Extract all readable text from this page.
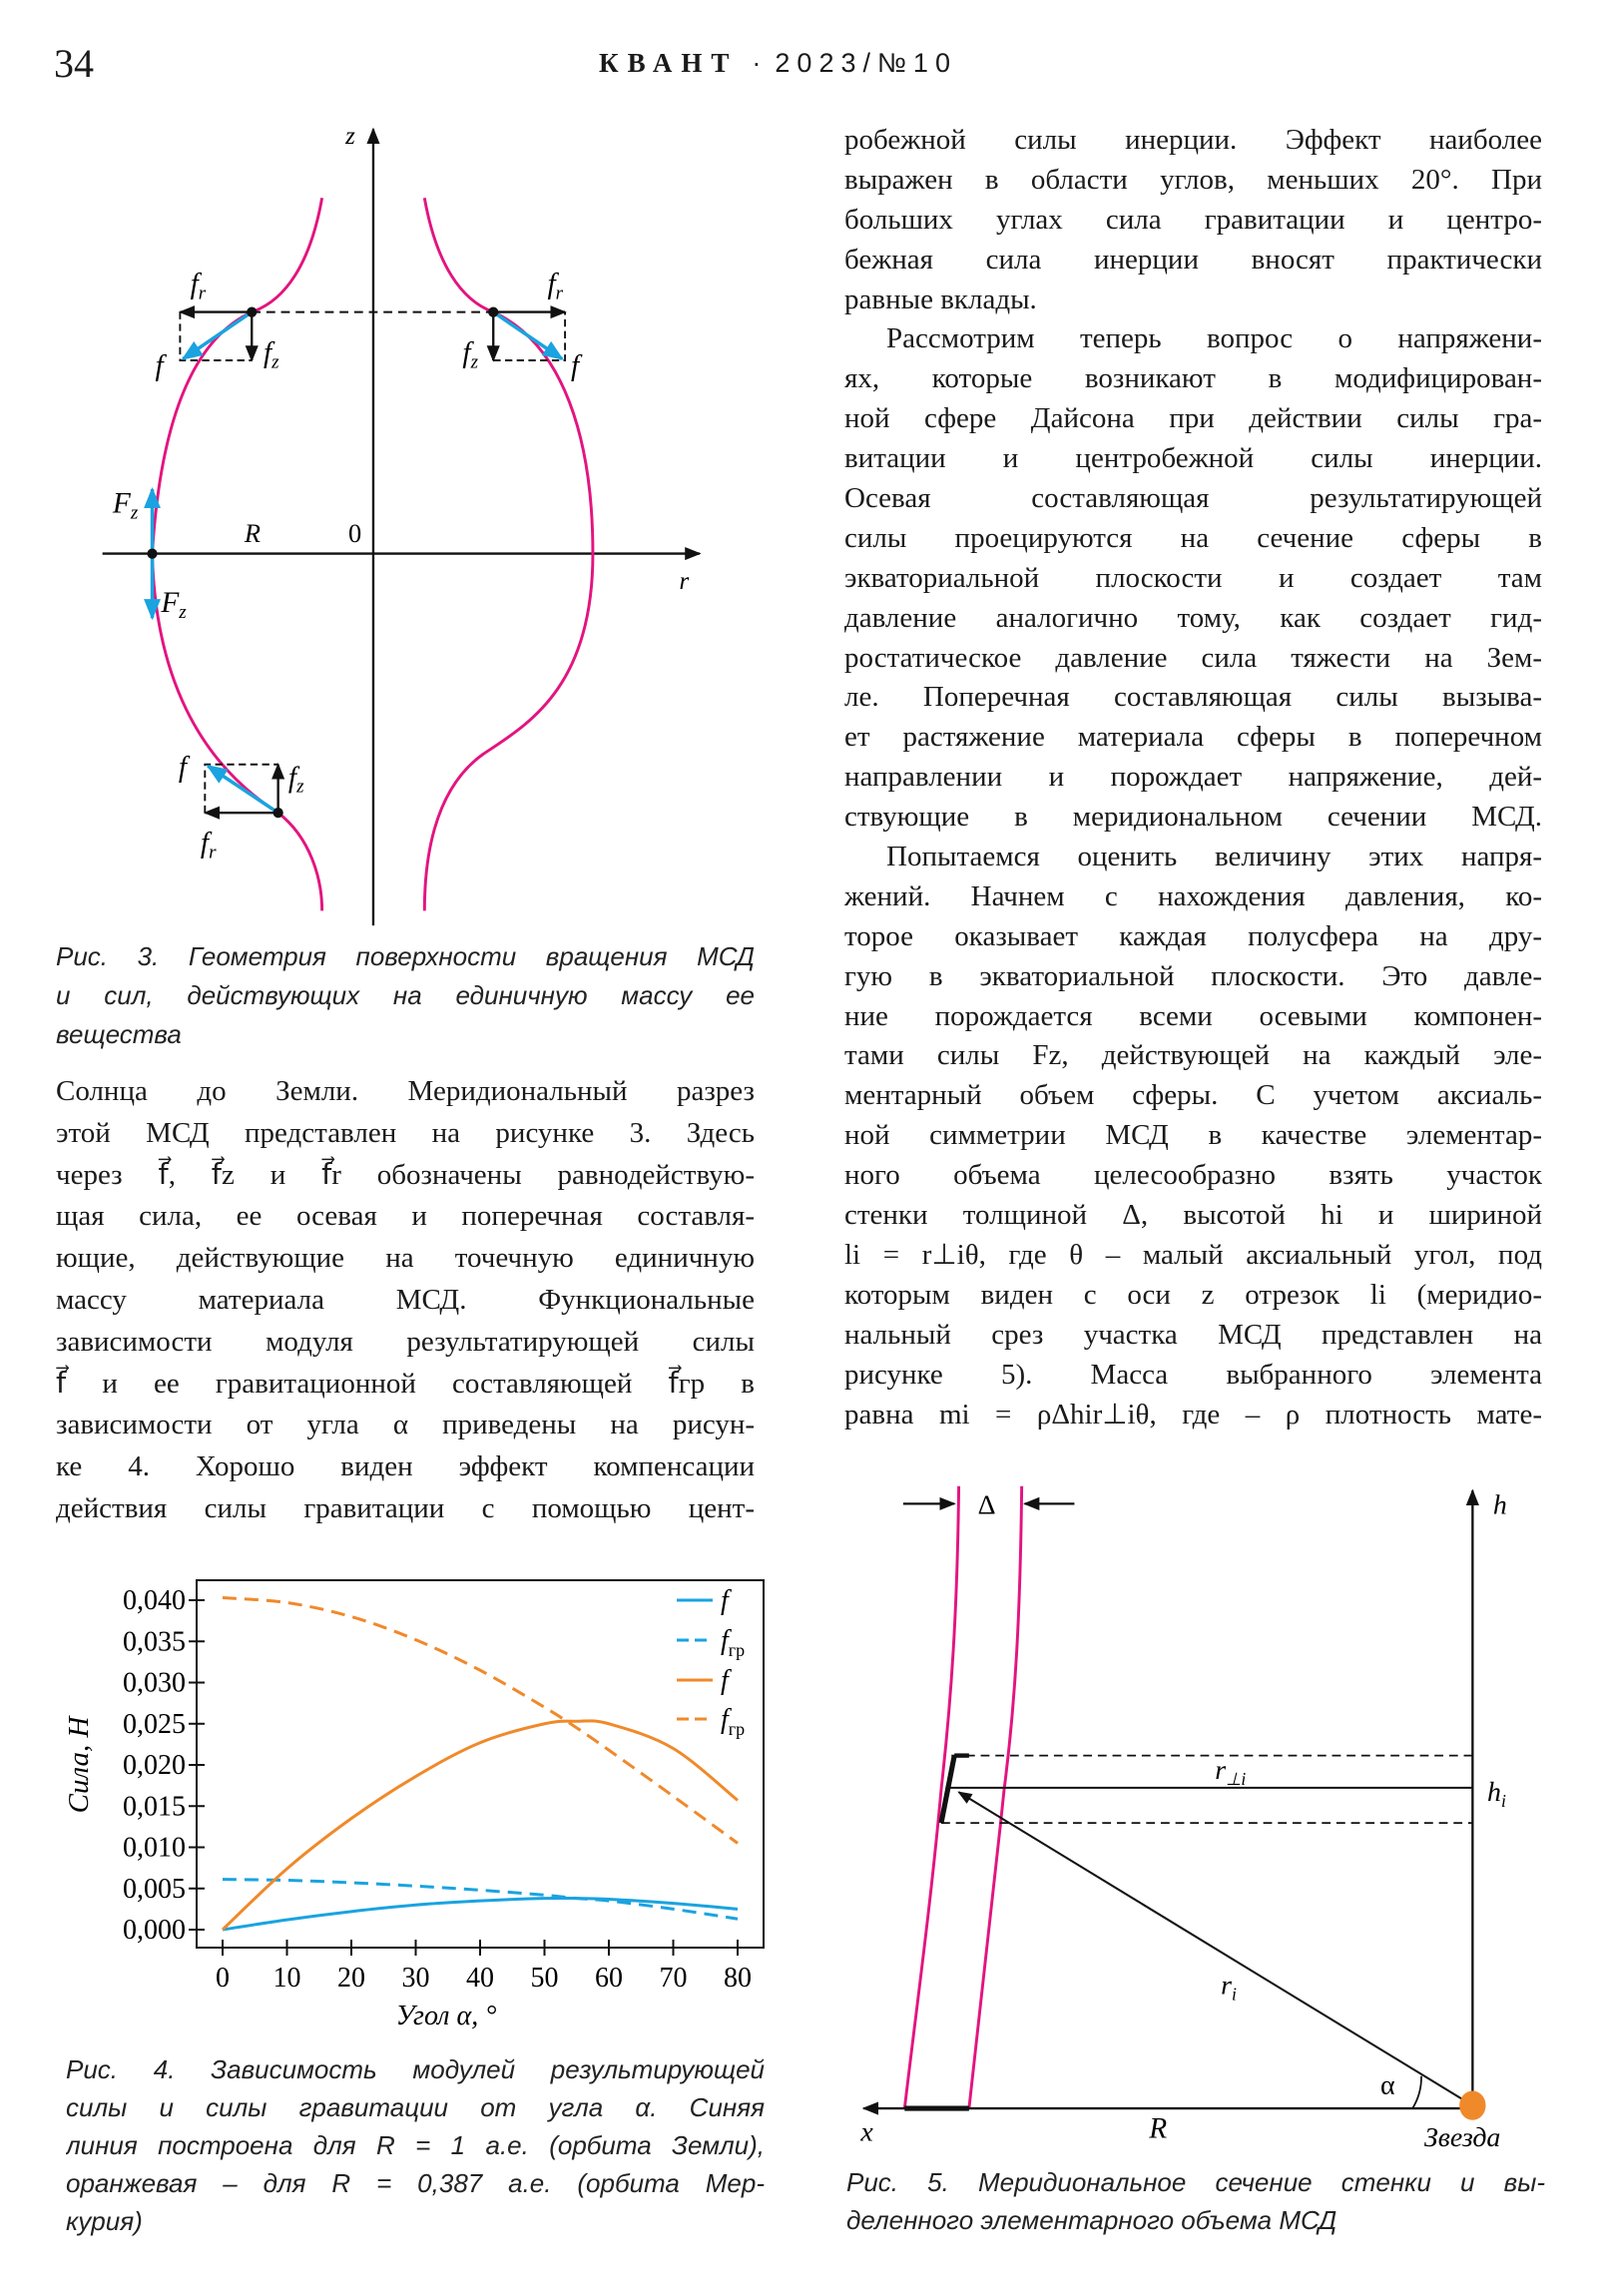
34	КВАНТ · 2023/№10
Солнца до Земли. Меридиональный разрез
этой МСД представлен на рисунке 3. Здесь
через f⃗, f⃗z и f⃗r обозначены равнодействую-
щая сила, ее осевая и поперечная составля-
ющие, действующие на точечную единичную
массу материала МСД. Функциональные
зависимости модуля результатирующей силы
f⃗ и ее гравитационной составляющей f⃗гр в
зависимости от угла α приведены на рисун-
ке 4. Хорошо виден эффект компенсации
действия силы гравитации с помощью цент-
робежной силы инерции. Эффект наиболее
выражен в области углов, меньших 20°. При
больших углах сила гравитации и центро-
бежная сила инерции вносят практически
равные вклады.
Рассмотрим теперь вопрос о напряжени-
ях, которые возникают в модифицирован-
ной сфере Дайсона при действии силы гра-
витации и центробежной силы инерции.
Осевая составляющая результатирующей
силы проецируются на сечение сферы в
экваториальной плоскости и создает там
давление аналогично тому, как создает гид-
ростатическое давление сила тяжести на Зем-
ле. Поперечная составляющая силы вызыва-
ет растяжение материала сферы в поперечном
направлении и порождает напряжение, дей-
ствующие в меридиональном сечении МСД.
Попытаемся оценить величину этих напря-
жений. Начнем с нахождения давления, ко-
торое оказывает каждая полусфера на дру-
гую в экваториальной плоскости. Это давле-
ние порождается всеми осевыми компонен-
тами силы Fz, действующей на каждый эле-
ментарный объем сферы. С учетом аксиаль-
ной симметрии МСД в качестве элементар-
ного объема целесообразно взять участок
стенки толщиной Δ, высотой hi и шириной
li = r⊥iθ, где θ – малый аксиальный угол, под
которым виден с оси z отрезок li (меридио-
нальный срез участка МСД представлен на
рисунке 5). Масса выбранного элемента
равна mi = ρΔhir⊥iθ, где – ρ плотность мате-
Рис. 3. Геометрия поверхности вращения МСД
и сил, действующих на единичную массу ее
вещества
Рис. 4. Зависимость модулей результирующей
силы и силы гравитации от угла α. Синяя
линия построена для R = 1 а.е. (орбита Земли),
оранжевая – для R = 0,387 а.е. (орбита Мер-
курия)
Рис. 5. Меридиональное сечение стенки и вы-
деленного элементарного объема МСД
z
r
0
R
$f_r$
f	$f_z$
$f_r$
$f_z$	f
$F_z$
$F_z$
f	$f_z$
$f_r$
Δ	h
x
$r_{\perp i}$	$h_i$
$r_i$
α
R	Звезда
0 10 20 30 40 50 60 70 80
0,000
0,005
0,010
0,015
0,020
0,025
0,030
0,035
0,040	f
$f_{гр}$
f
$f_{гр}$
Угол α, °
Сила, Н
